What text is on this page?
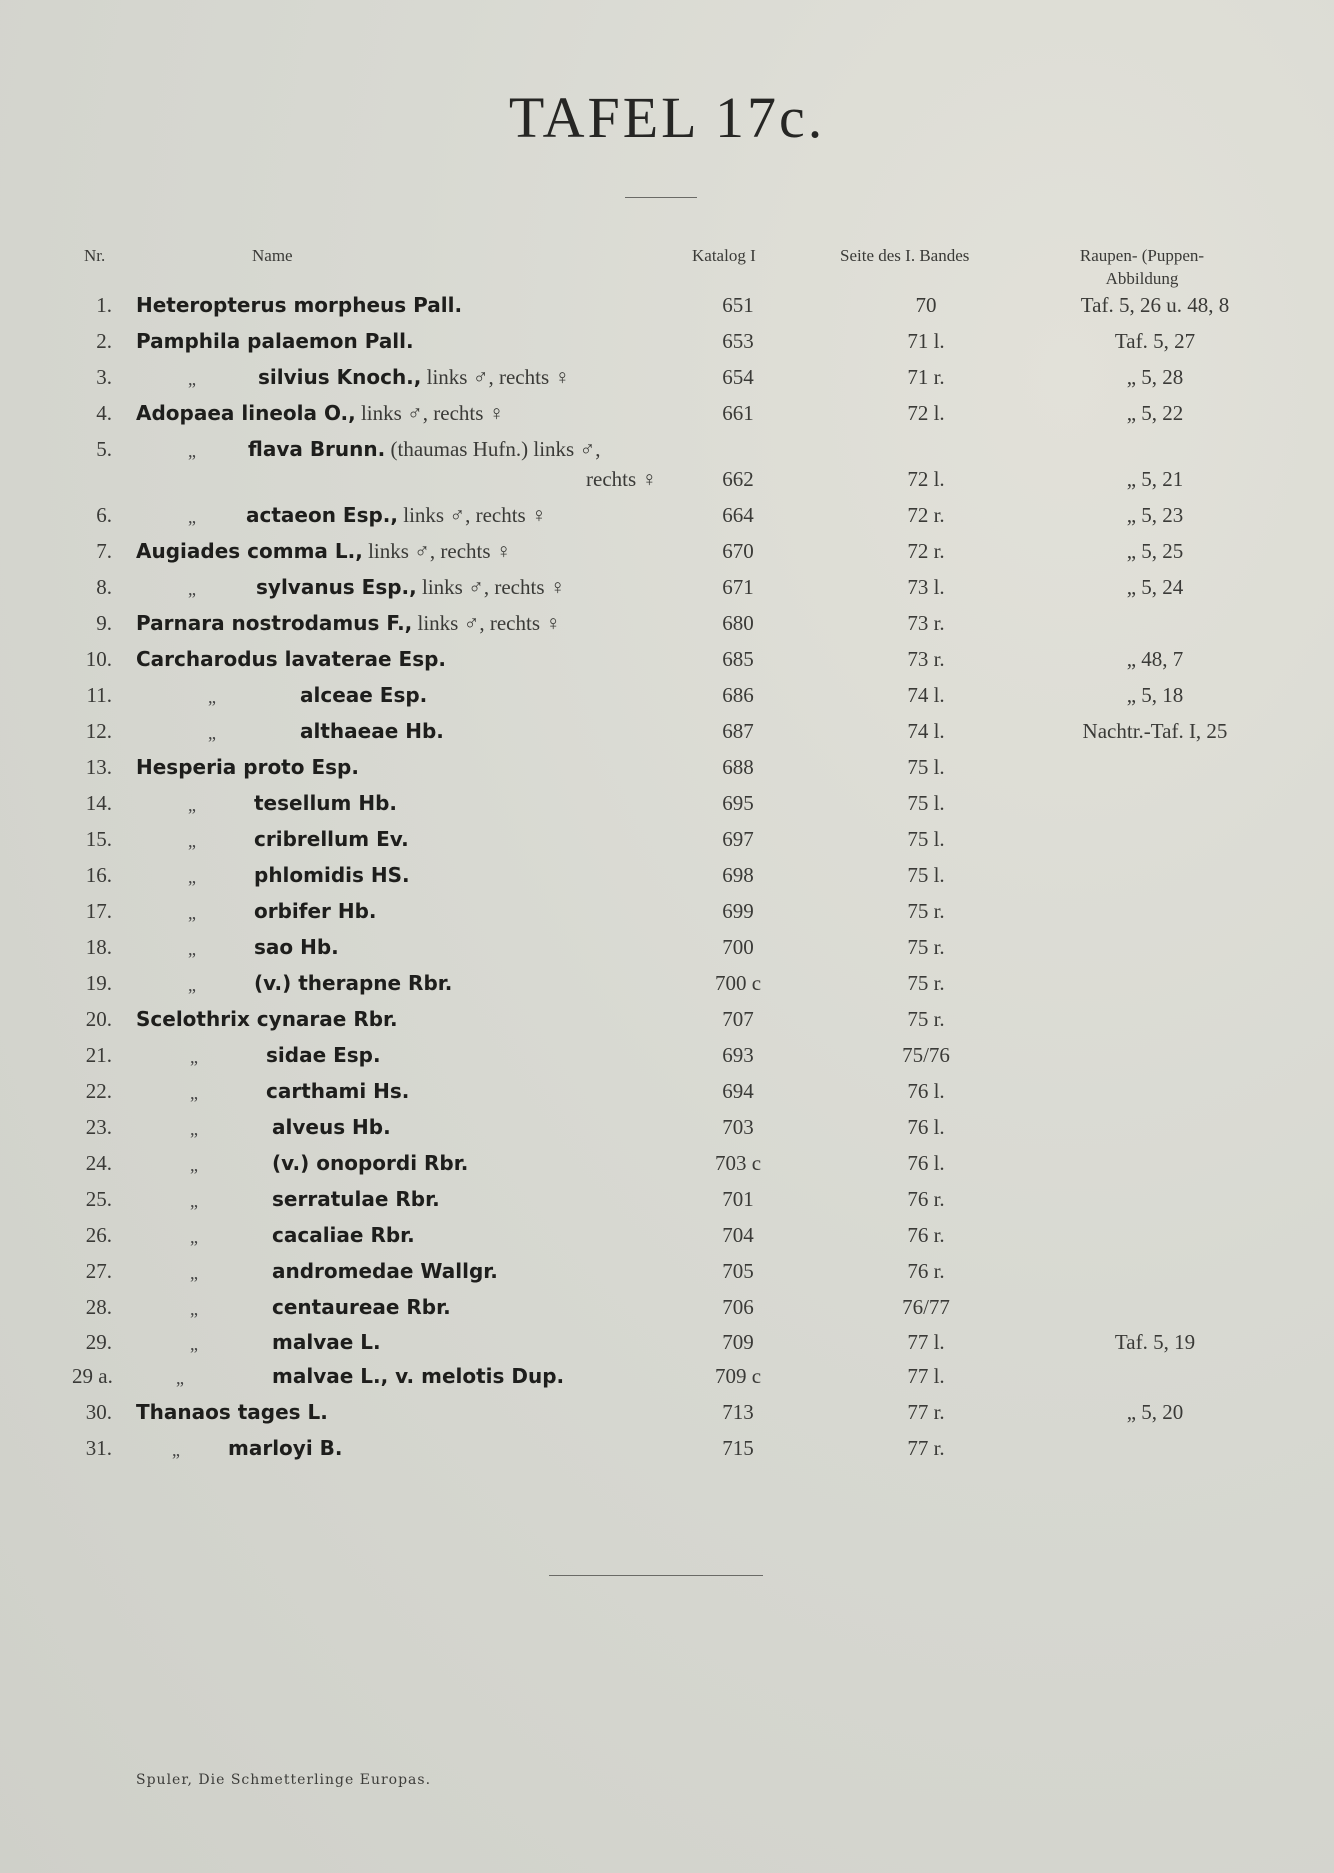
TAFEL 17c.
Nr.	Name	Katalog I	Seite des I. Bandes	Raupen- (Puppen-
Abbildung
1. Heteropterus morpheus Pall.	651	70	Taf. 5, 26 u. 48, 8
2. Pamphila palaemon Pall.	653	71 l.	Taf. 5, 27
3.	„	silvius Knoch., links ♂, rechts ♀	654	71 r.	„ 5, 28
4. Adopaea lineola O., links ♂, rechts ♀	661	72 l.	„ 5, 22
5.	„	flava Brunn. (thaumas Hufn.) links ♂,
rechts ♀	662	72 l.	„ 5, 21
6.	„	actaeon Esp., links ♂, rechts ♀	664	72 r.	„ 5, 23
7. Augiades comma L., links ♂, rechts ♀	670	72 r.	„ 5, 25
8.	„	sylvanus Esp., links ♂, rechts ♀	671	73 l.	„ 5, 24
9. Parnara nostrodamus F., links ♂, rechts ♀	680	73 r.
10. Carcharodus lavaterae Esp.	685	73 r.	„ 48, 7
11.	„	alceae Esp.	686	74 l.	„ 5, 18
12.	„	althaeae Hb.	687	74 l.	Nachtr.-Taf. I, 25
13. Hesperia proto Esp.	688	75 l.
14.	„	tesellum Hb.	695	75 l.
15.	„	cribrellum Ev.	697	75 l.
16.	„	phlomidis HS.	698	75 l.
17.	„	orbifer Hb.	699	75 r.
18.	„	sao Hb.	700	75 r.
19.	„	(v.) therapne Rbr.	700 c	75 r.
20. Scelothrix cynarae Rbr.	707	75 r.
21.	„	sidae Esp.	693	75/76
22.	„	carthami Hs.	694	76 l.
23.	„	alveus Hb.	703	76 l.
24.	„	(v.) onopordi Rbr.	703 c	76 l.
25.	„	serratulae Rbr.	701	76 r.
26.	„	cacaliae Rbr.	704	76 r.
27.	„	andromedae Wallgr.	705	76 r.
28.	„	centaureae Rbr.	706	76/77
29.	„	malvae L.	709	77 l.	Taf. 5, 19
29 a.	„	malvae L., v. melotis Dup.	709 c	77 l.
30. Thanaos tages L.	713	77 r.	„ 5, 20
31.	„ marloyi B.	715	77 r.
Spuler, Die Schmetterlinge Europas.
